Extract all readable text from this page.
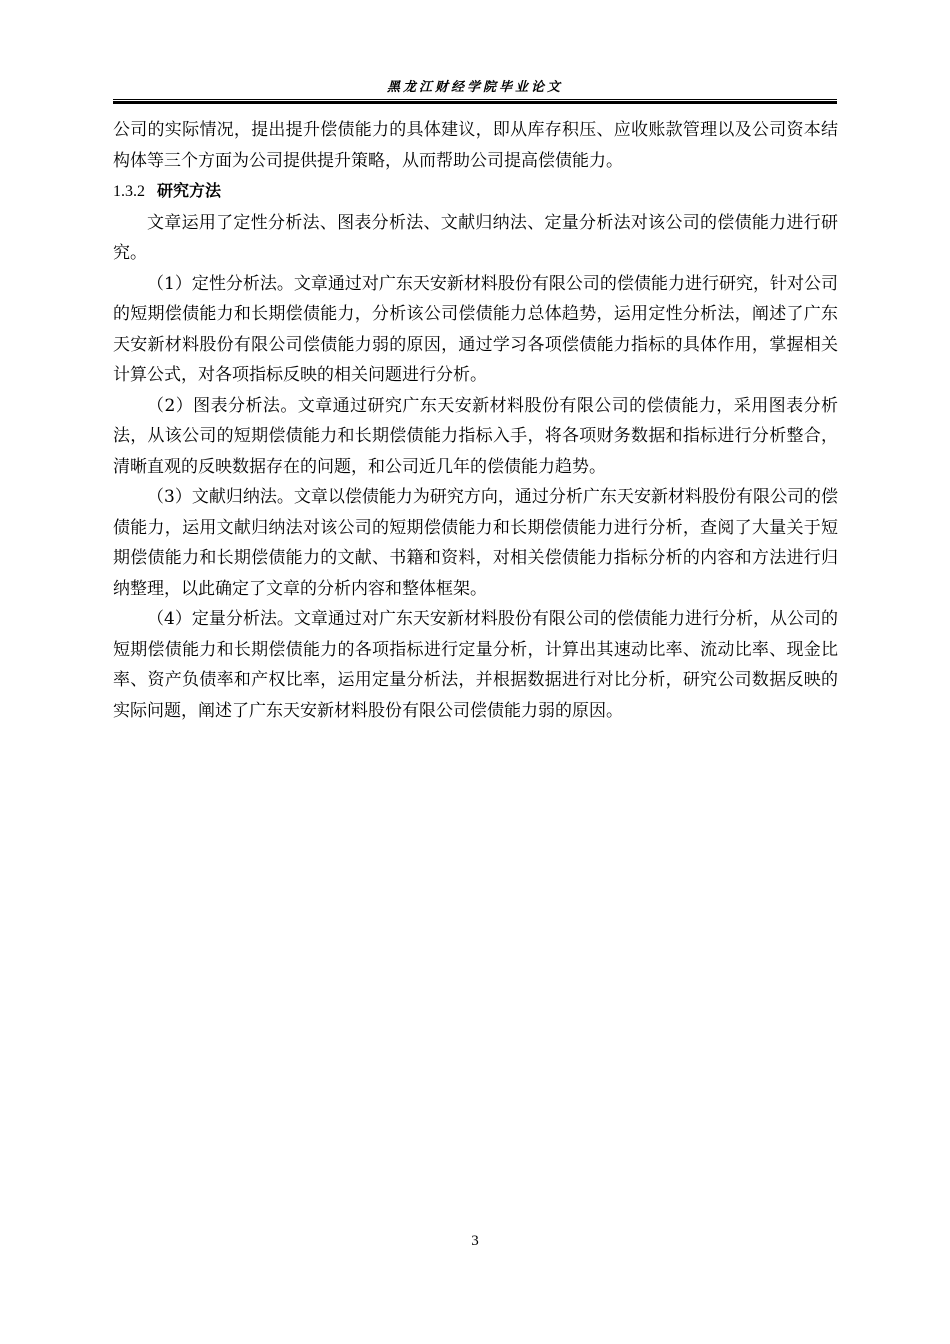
黑龙江财经学院毕业论文

公司的实际情况，提出提升偿债能力的具体建议，即从库存积压、应收账款管理以及公司资本结构体等三个方面为公司提供提升策略，从而帮助公司提高偿债能力。

1.3.2 研究方法

文章运用了定性分析法、图表分析法、文献归纳法、定量分析法对该公司的偿债能力进行研究。

（1）定性分析法。文章通过对广东天安新材料股份有限公司的偿债能力进行研究，针对公司的短期偿债能力和长期偿债能力，分析该公司偿债能力总体趋势，运用定性分析法，阐述了广东天安新材料股份有限公司偿债能力弱的原因，通过学习各项偿债能力指标的具体作用，掌握相关计算公式，对各项指标反映的相关问题进行分析。

（2）图表分析法。文章通过研究广东天安新材料股份有限公司的偿债能力，采用图表分析法，从该公司的短期偿债能力和长期偿债能力指标入手，将各项财务数据和指标进行分析整合，清晰直观的反映数据存在的问题，和公司近几年的偿债能力趋势。

（3）文献归纳法。文章以偿债能力为研究方向，通过分析广东天安新材料股份有限公司的偿债能力，运用文献归纳法对该公司的短期偿债能力和长期偿债能力进行分析，查阅了大量关于短期偿债能力和长期偿债能力的文献、书籍和资料，对相关偿债能力指标分析的内容和方法进行归纳整理，以此确定了文章的分析内容和整体框架。

（4）定量分析法。文章通过对广东天安新材料股份有限公司的偿债能力进行分析，从公司的短期偿债能力和长期偿债能力的各项指标进行定量分析，计算出其速动比率、流动比率、现金比率、资产负债率和产权比率，运用定量分析法，并根据数据进行对比分析，研究公司数据反映的实际问题，阐述了广东天安新材料股份有限公司偿债能力弱的原因。

3
